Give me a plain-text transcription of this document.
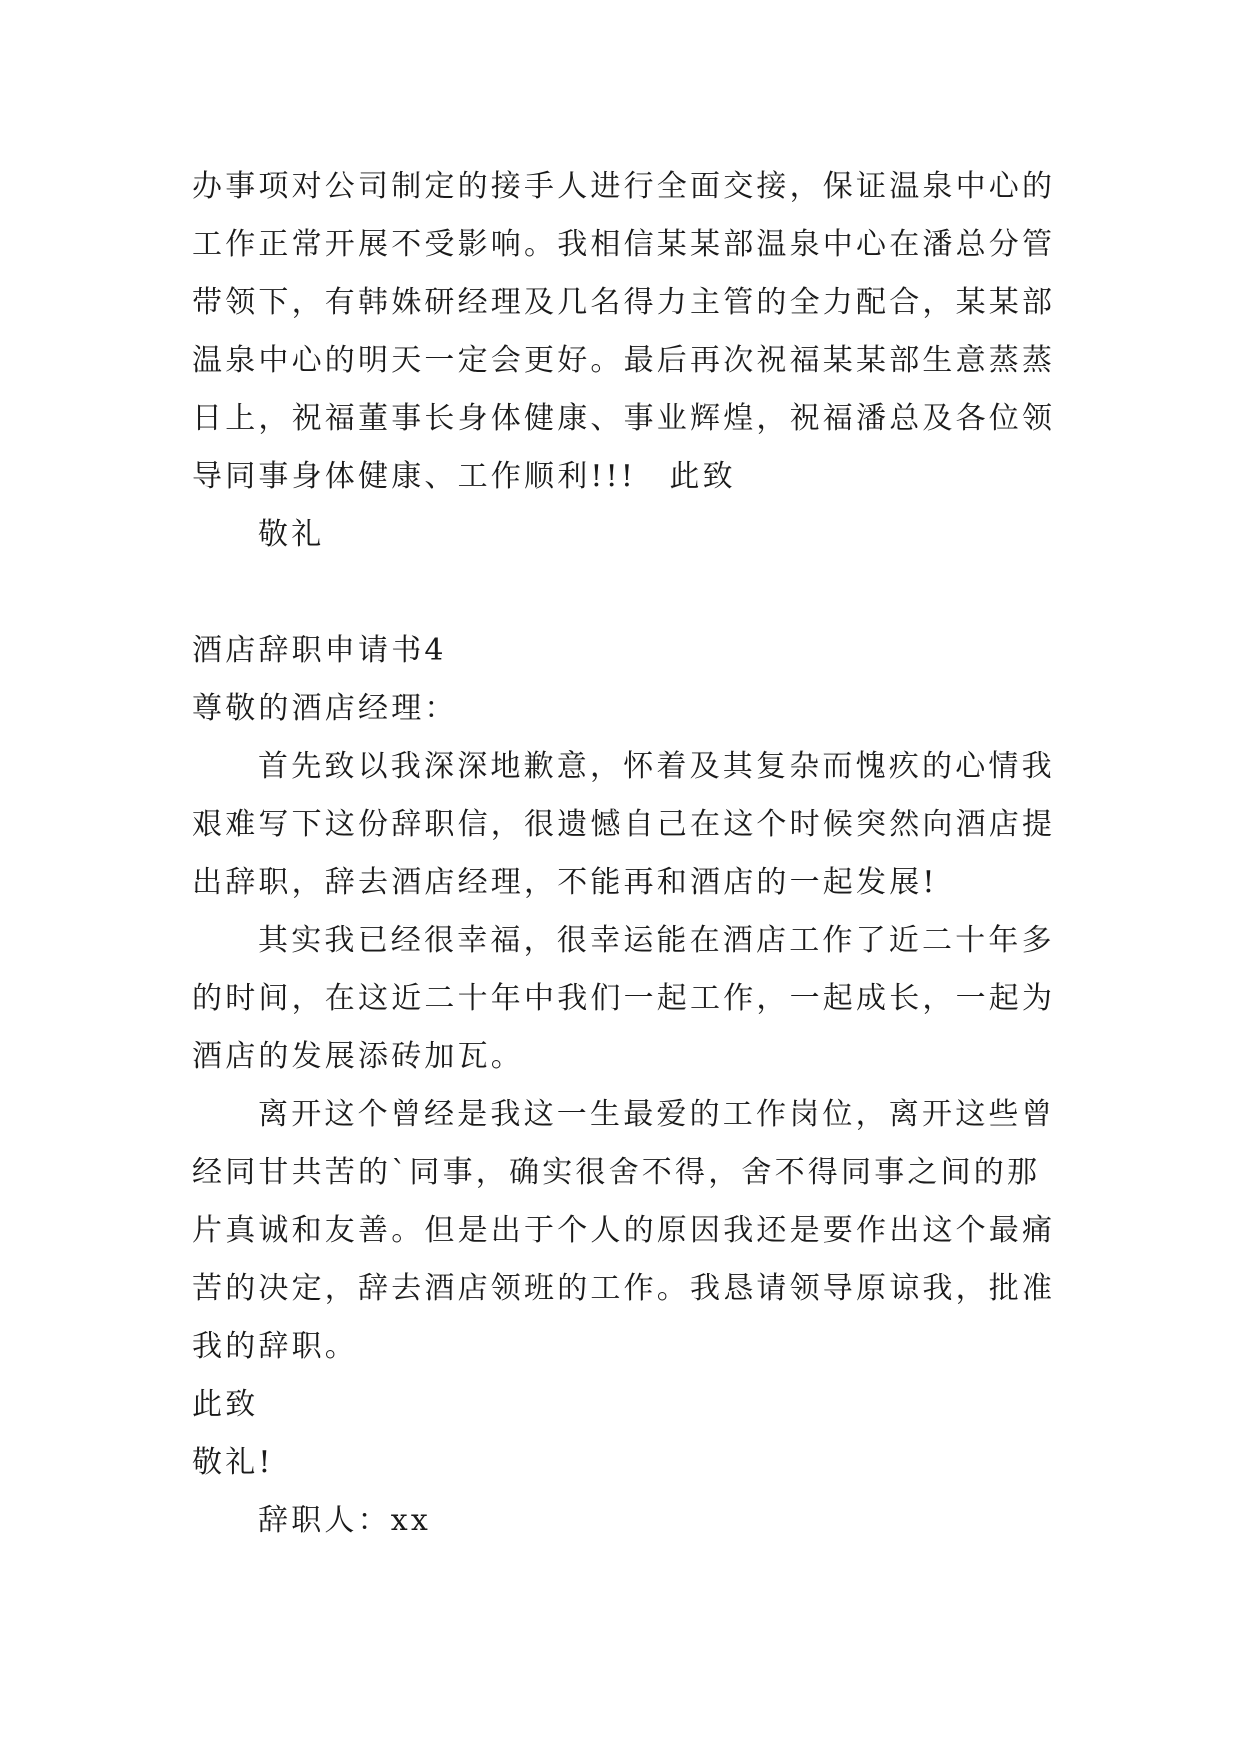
办事项对公司制定的接手人进行全面交接，保证温泉中心的
工作正常开展不受影响。我相信某某部温泉中心在潘总分管
带领下，有韩姝研经理及几名得力主管的全力配合，某某部
温泉中心的明天一定会更好。最后再次祝福某某部生意蒸蒸
日上，祝福董事长身体健康、事业辉煌，祝福潘总及各位领
导同事身体健康、工作顺利!!!　此致
敬礼
酒店辞职申请书4
尊敬的酒店经理：
首先致以我深深地歉意，怀着及其复杂而愧疚的心情我
艰难写下这份辞职信，很遗憾自己在这个时候突然向酒店提
出辞职，辞去酒店经理，不能再和酒店的一起发展!
其实我已经很幸福，很幸运能在酒店工作了近二十年多
的时间，在这近二十年中我们一起工作，一起成长，一起为
酒店的发展添砖加瓦。
离开这个曾经是我这一生最爱的工作岗位，离开这些曾
经同甘共苦的`同事，确实很舍不得，舍不得同事之间的那
片真诚和友善。但是出于个人的原因我还是要作出这个最痛
苦的决定，辞去酒店领班的工作。我恳请领导原谅我，批准
我的辞职。
此致
敬礼!
辞职人：xx
